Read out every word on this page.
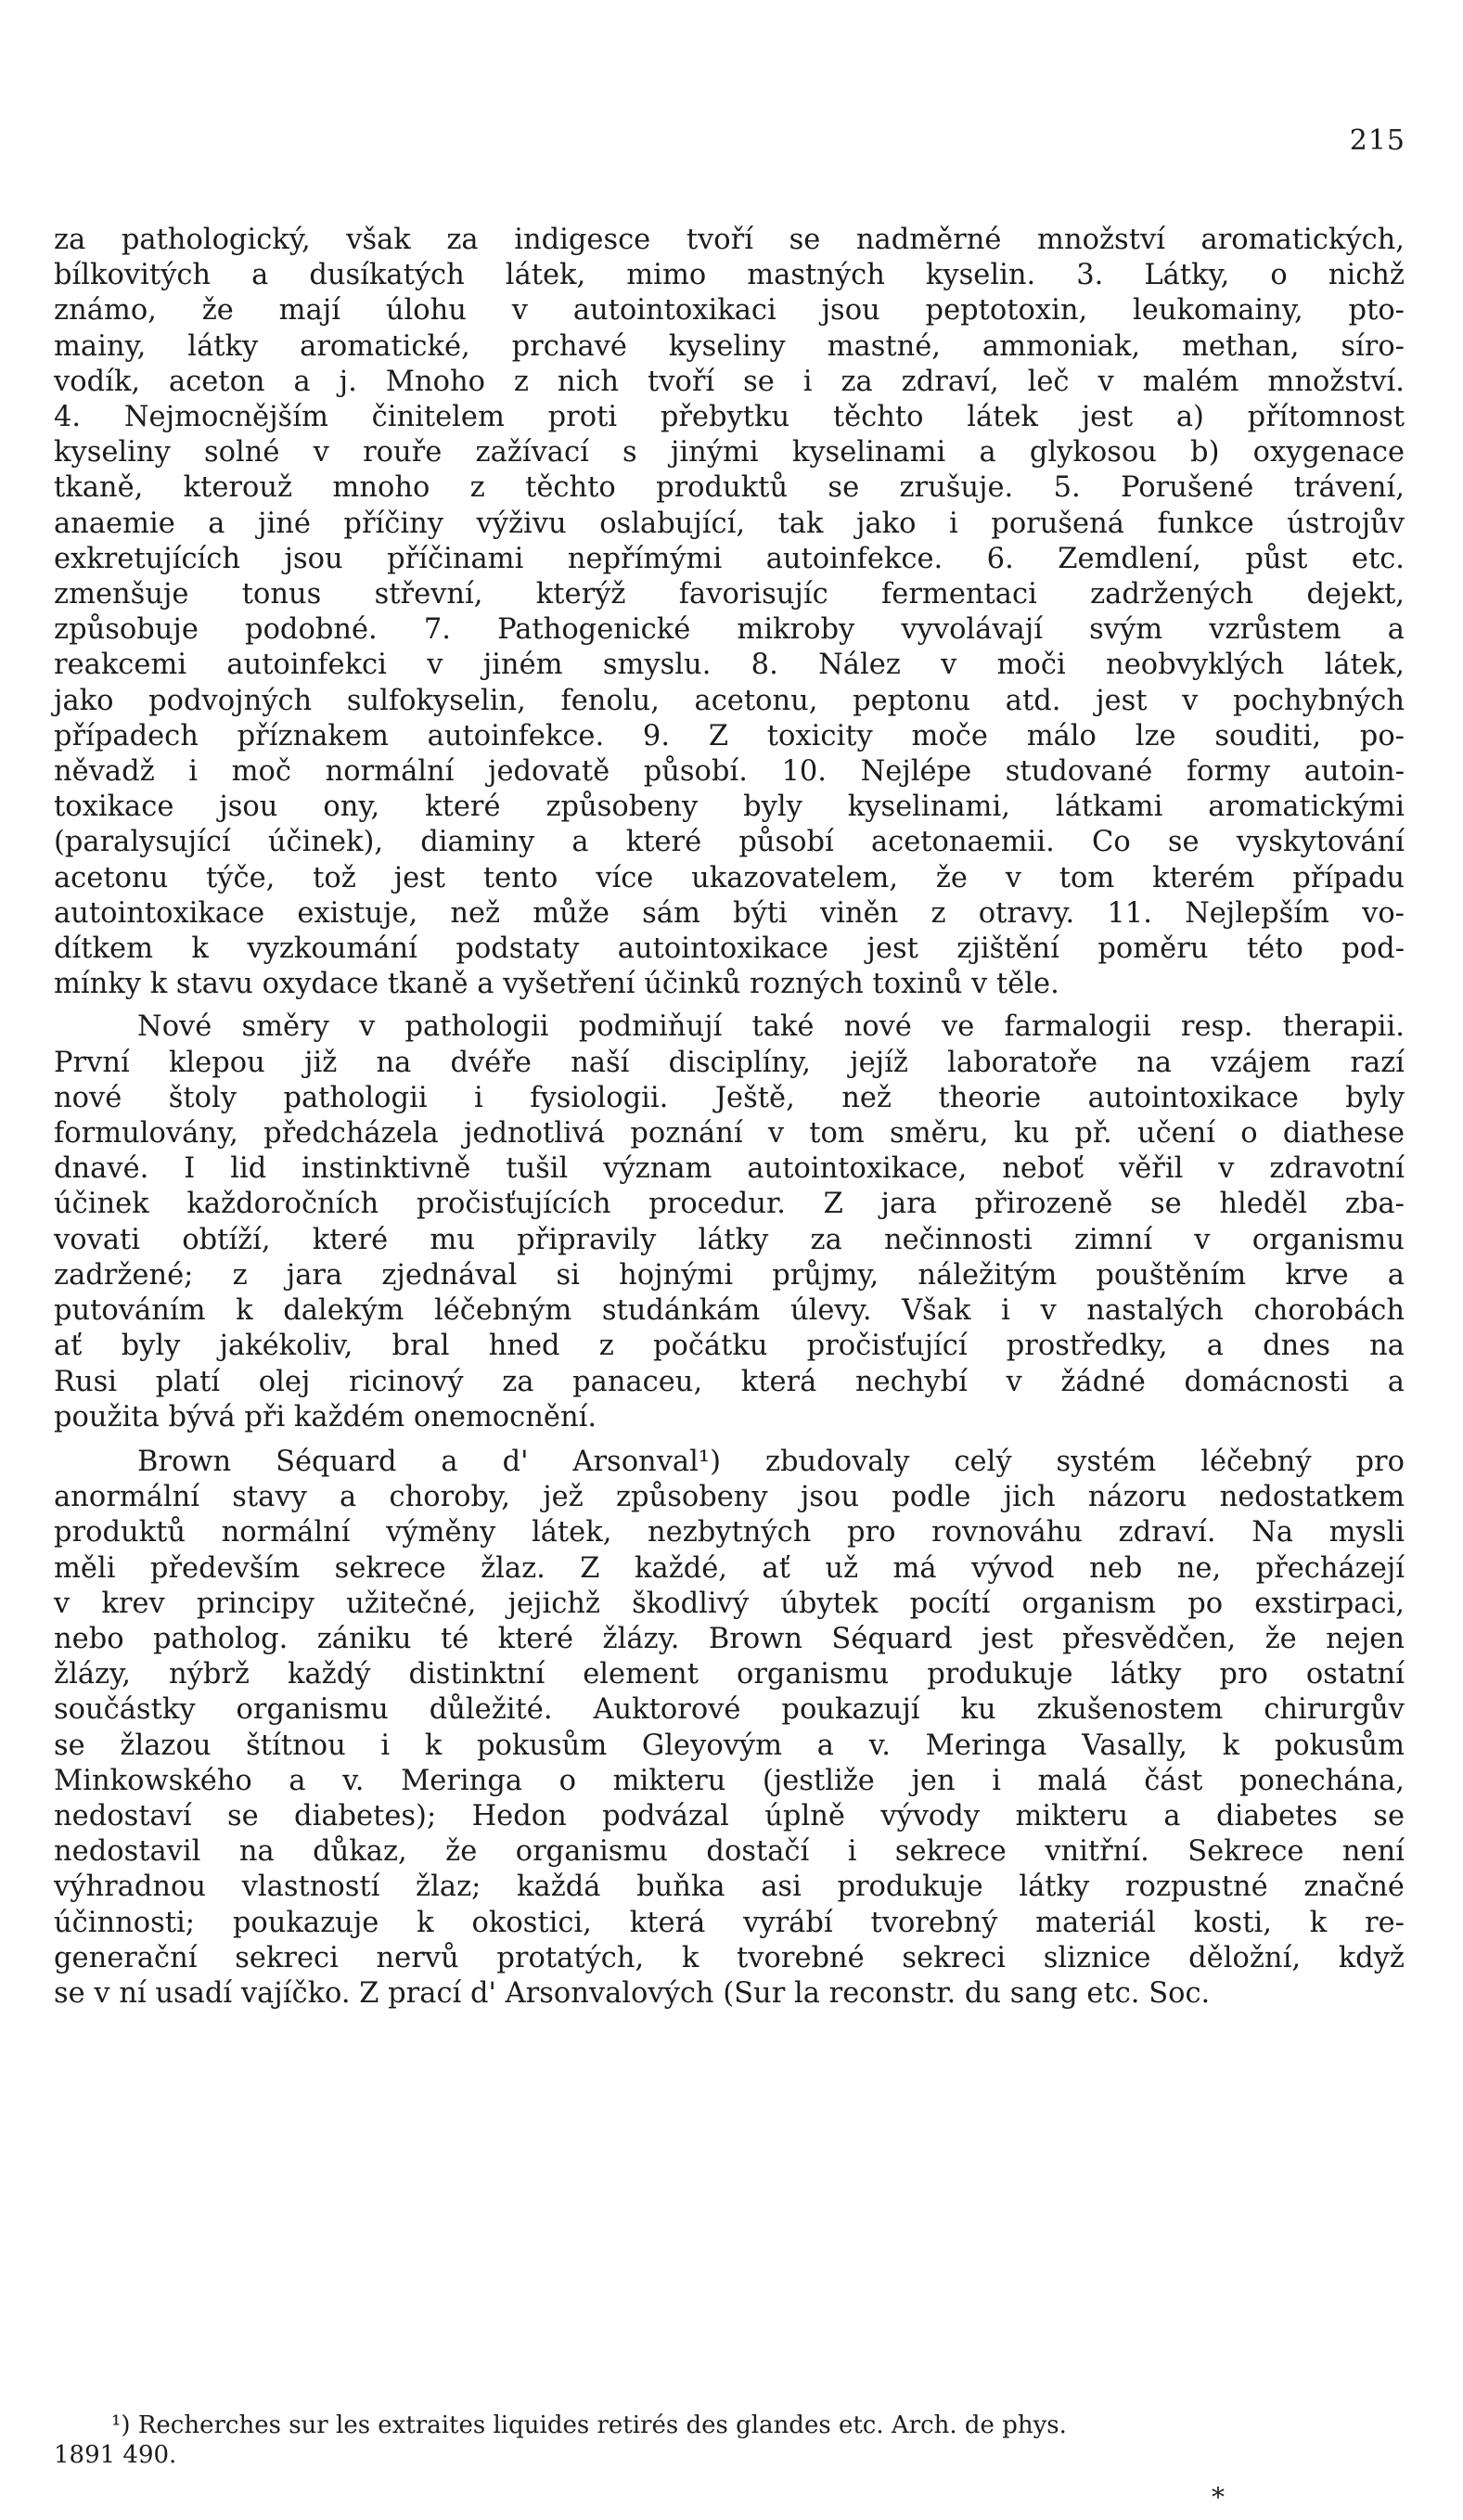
215
za pathologický, však za indigesce tvoří se nadměrné množství aromatických,
bílkovitých a dusíkatých látek, mimo mastných kyselin. 3. Látky, o nichž
známo, že mají úlohu v autointoxikaci jsou peptotoxin, leukomainy, pto-
mainy, látky aromatické, prchavé kyseliny mastné, ammoniak, methan, síro-
vodík, aceton a j. Mnoho z nich tvoří se i za zdraví, leč v malém množství.
4. Nejmocnějším činitelem proti přebytku těchto látek jest a) přítomnost
kyseliny solné v rouře zažívací s jinými kyselinami a glykosou b) oxygenace
tkaně, kterouž mnoho z těchto produktů se zrušuje. 5. Porušené trávení,
anaemie a jiné příčiny výživu oslabující, tak jako i porušená funkce ústrojův
exkretujících jsou příčinami nepřímými autoinfekce. 6. Zemdlení, půst etc.
zmenšuje tonus střevní, kterýž favorisujíc fermentaci zadržených dejekt,
způsobuje podobné. 7. Pathogenické mikroby vyvolávají svým vzrůstem a
reakcemi autoinfekci v jiném smyslu. 8. Nález v moči neobvyklých látek,
jako podvojných sulfokyselin, fenolu, acetonu, peptonu atd. jest v pochybných
případech příznakem autoinfekce. 9. Z toxicity moče málo lze souditi, po-
něvadž i moč normální jedovatě působí. 10. Nejlépe studované formy autoin-
toxikace jsou ony, které způsobeny byly kyselinami, látkami aromatickými
(paralysující účinek), diaminy a které působí acetonaemii. Co se vyskytování
acetonu týče, tož jest tento více ukazovatelem, že v tom kterém případu
autointoxikace existuje, než může sám býti viněn z otravy. 11. Nejlepším vo-
dítkem k vyzkoumání podstaty autointoxikace jest zjištění poměru této pod-
mínky k stavu oxydace tkaně a vyšetření účinků rozných toxinů v těle.
Nové směry v pathologii podmiňují také nové ve farmalogii resp. therapii.
První klepou již na dvéře naší disciplíny, jejíž laboratoře na vzájem razí
nové štoly pathologii i fysiologii. Ještě, než theorie autointoxikace byly
formulovány, předcházela jednotlivá poznání v tom směru, ku př. učení o diathese
dnavé. I lid instinktivně tušil význam autointoxikace, neboť věřil v zdravotní
účinek každoročních pročisťujících procedur. Z jara přirozeně se hleděl zba-
vovati obtíží, které mu připravily látky za nečinnosti zimní v organismu
zadržené; z jara zjednával si hojnými průjmy, náležitým pouštěním krve a
putováním k dalekým léčebným studánkám úlevy. Však i v nastalých chorobách
ať byly jakékoliv, bral hned z počátku pročisťující prostředky, a dnes na
Rusi platí olej ricinový za panaceu, která nechybí v žádné domácnosti a
použita bývá při každém onemocnění.
Brown Séquard a d' Arsonval¹) zbudovaly celý systém léčebný pro
anormální stavy a choroby, jež způsobeny jsou podle jich názoru nedostatkem
produktů normální výměny látek, nezbytných pro rovnováhu zdraví. Na mysli
měli především sekrece žlaz. Z každé, ať už má vývod neb ne, přecházejí
v krev principy užitečné, jejichž škodlivý úbytek pocítí organism po exstirpaci,
nebo patholog. zániku té které žlázy. Brown Séquard jest přesvědčen, že nejen
žlázy, nýbrž každý distinktní element organismu produkuje látky pro ostatní
součástky organismu důležité. Auktorové poukazují ku zkušenostem chirurgův
se žlazou štítnou i k pokusům Gleyovým a v. Meringa Vasally, k pokusům
Minkowského a v. Meringa o mikteru (jestliže jen i malá část ponechána,
nedostaví se diabetes); Hedon podvázal úplně vývody mikteru a diabetes se
nedostavil na důkaz, že organismu dostačí i sekrece vnitřní. Sekrece není
výhradnou vlastností žlaz; každá buňka asi produkuje látky rozpustné značné
účinnosti; poukazuje k okostici, která vyrábí tvorebný materiál kosti, k re-
generační sekreci nervů protatých, k tvorebné sekreci sliznice děložní, když
se v ní usadí vajíčko. Z prací d' Arsonvalových (Sur la reconstr. du sang etc. Soc.
¹) Recherches sur les extraites liquides retirés des glandes etc. Arch. de phys.
1891 490.
*
